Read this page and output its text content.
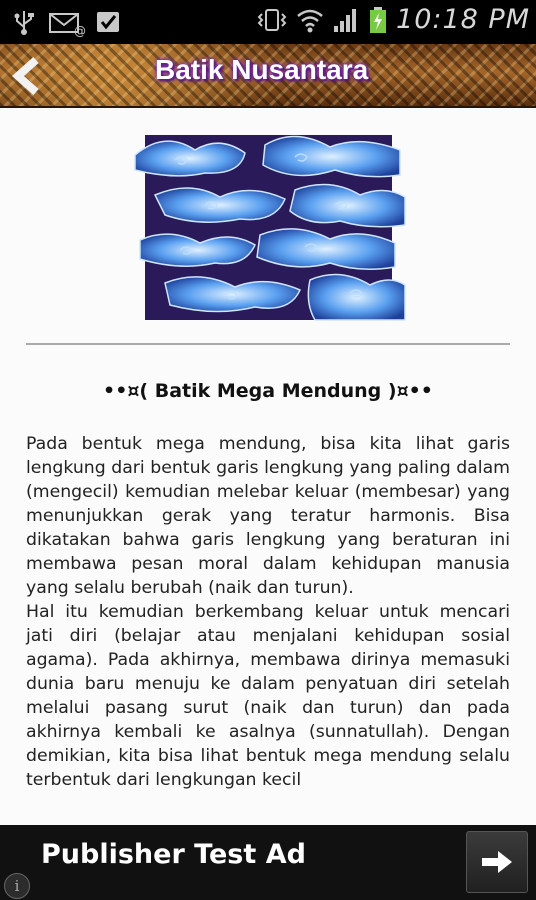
@	10:18 PM
Batik Nusantara
••¤( Batik Mega Mendung )¤••

Pada bentuk mega mendung, bisa kita lihat garis lengkung dari bentuk garis lengkung yang paling dalam (mengecil) kemudian melebar keluar (membesar) yang menunjukkan gerak yang teratur harmonis. Bisa dikatakan bahwa garis lengkung yang beraturan ini membawa pesan moral dalam kehidupan manusia yang selalu berubah (naik dan turun).

Hal itu kemudian berkembang keluar untuk mencari jati diri (belajar atau menjalani kehidupan sosial agama). Pada akhirnya, membawa dirinya memasuki dunia baru menuju ke dalam penyatuan diri setelah melalui pasang surut (naik dan turun) dan pada akhirnya kembali ke asalnya (sunnatullah). Dengan demikian, kita bisa lihat bentuk mega mendung selalu terbentuk dari lengkungan kecil

Publisher Test Ad
i
